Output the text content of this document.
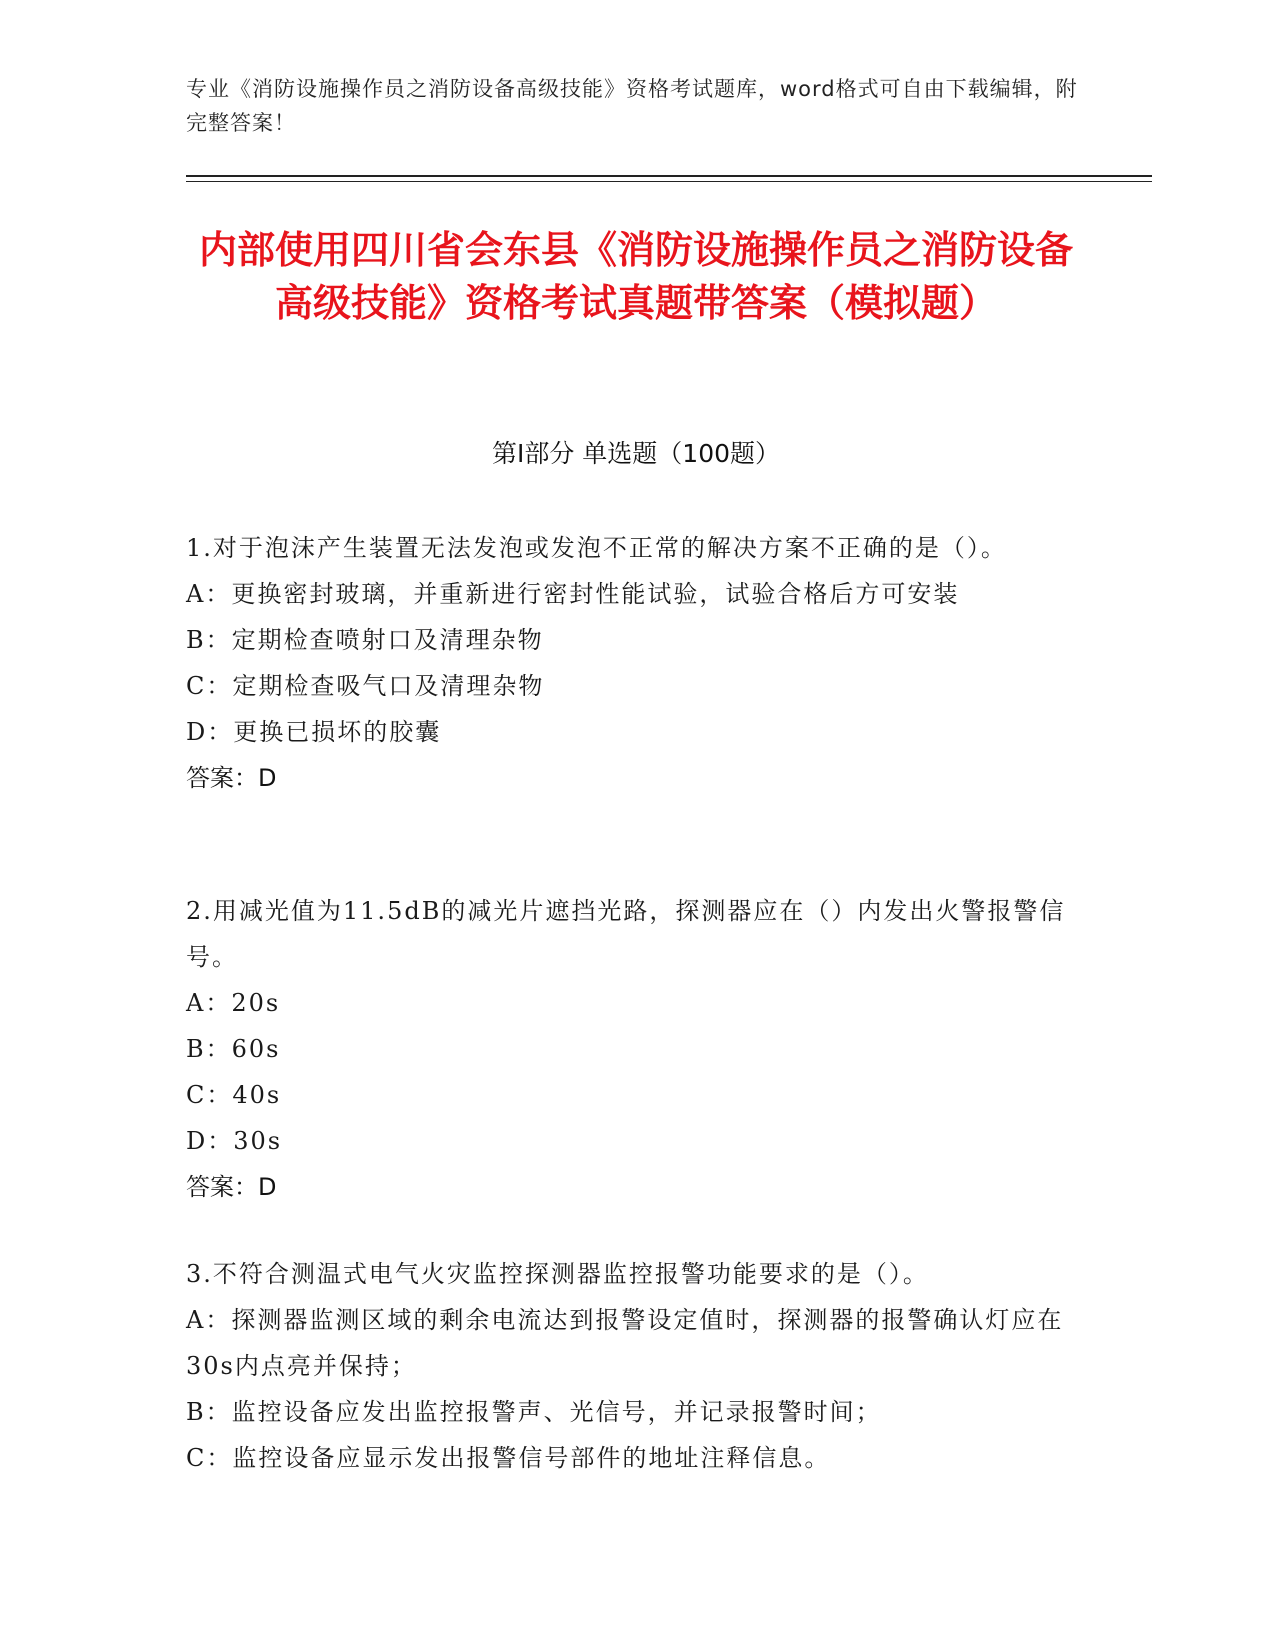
专业《消防设施操作员之消防设备高级技能》资格考试题库，word格式可自由下载编辑，附完整答案！
内部使用四川省会东县《消防设施操作员之消防设备高级技能》资格考试真题带答案（模拟题）
第Ⅰ部分 单选题（100题）

1.对于泡沫产生装置无法发泡或发泡不正常的解决方案不正确的是（）。

A：更换密封玻璃，并重新进行密封性能试验，试验合格后方可安装

B：定期检查喷射口及清理杂物

C：定期检查吸气口及清理杂物

D：更换已损坏的胶囊

答案：D

2.用减光值为11.5dB的减光片遮挡光路，探测器应在（）内发出火警报警信号。

A：20s

B：60s

C：40s

D：30s

答案：D

3.不符合测温式电气火灾监控探测器监控报警功能要求的是（）。

A：探测器监测区域的剩余电流达到报警设定值时，探测器的报警确认灯应在30s内点亮并保持；

B：监控设备应发出监控报警声、光信号，并记录报警时间；

C：监控设备应显示发出报警信号部件的地址注释信息。
